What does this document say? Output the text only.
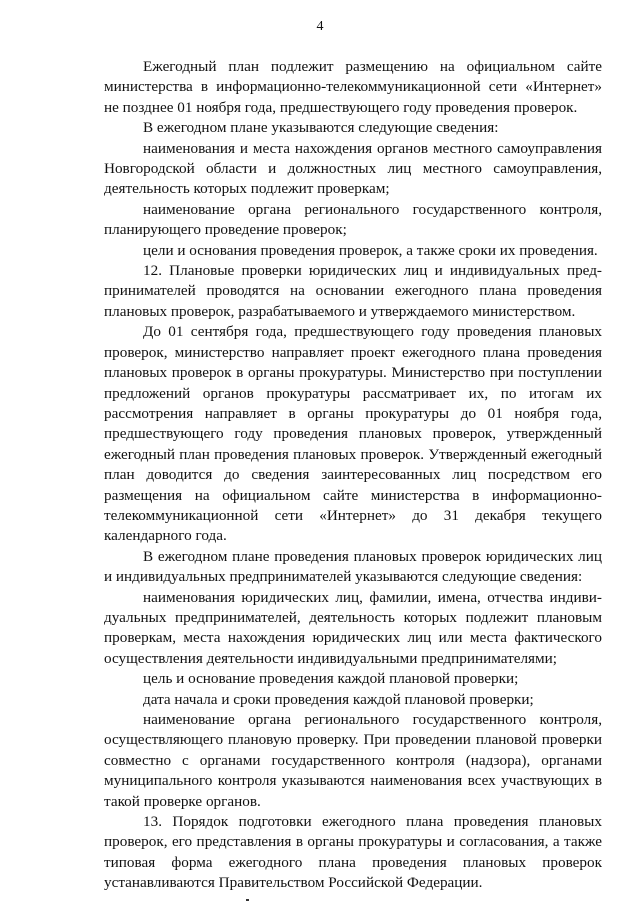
4

Ежегодный план подлежит размещению на официальном сайте министерства в информационно-телекоммуникационной сети «Интернет» не позднее 01 ноября года, предшествующего году проведения проверок.

В ежегодном плане указываются следующие сведения:

наименования и места нахождения органов местного самоуправления Новгородской области и должностных лиц местного самоуправления, деятельность которых подлежит проверкам;

наименование органа регионального государственного контроля, планирующего проведение проверок;

цели и основания проведения проверок, а также сроки их проведения.

12. Плановые проверки юридических лиц и индивидуальных пред-принимателей проводятся на основании ежегодного плана проведения плановых проверок, разрабатываемого и утверждаемого министерством.

До 01 сентября года, предшествующего году проведения плановых проверок, министерство направляет проект ежегодного плана проведения плановых проверок в органы прокуратуры. Министерство при поступлении предложений органов прокуратуры рассматривает их, по итогам их рассмотрения направляет в органы прокуратуры до 01 ноября года, предшествующего году проведения плановых проверок, утвержденный ежегодный план проведения плановых проверок. Утвержденный ежегодный план доводится до сведения заинтересованных лиц посредством его размещения на официальном сайте министерства в информационно-телекоммуникационной сети «Интернет» до 31 декабря текущего календарного года.

В ежегодном плане проведения плановых проверок юридических лиц и индивидуальных предпринимателей указываются следующие сведения:

наименования юридических лиц, фамилии, имена, отчества индиви-дуальных предпринимателей, деятельность которых подлежит плановым проверкам, места нахождения юридических лиц или места фактического осуществления деятельности индивидуальными предпринимателями;

цель и основание проведения каждой плановой проверки;

дата начала и сроки проведения каждой плановой проверки;

наименование органа регионального государственного контроля, осуществляющего плановую проверку. При проведении плановой проверки совместно с органами государственного контроля (надзора), органами муниципального контроля указываются наименования всех участвующих в такой проверке органов.

13. Порядок подготовки ежегодного плана проведения плановых проверок, его представления в органы прокуратуры и согласования, а также типовая форма ежегодного плана проведения плановых проверок устанавливаются Правительством Российской Федерации.
